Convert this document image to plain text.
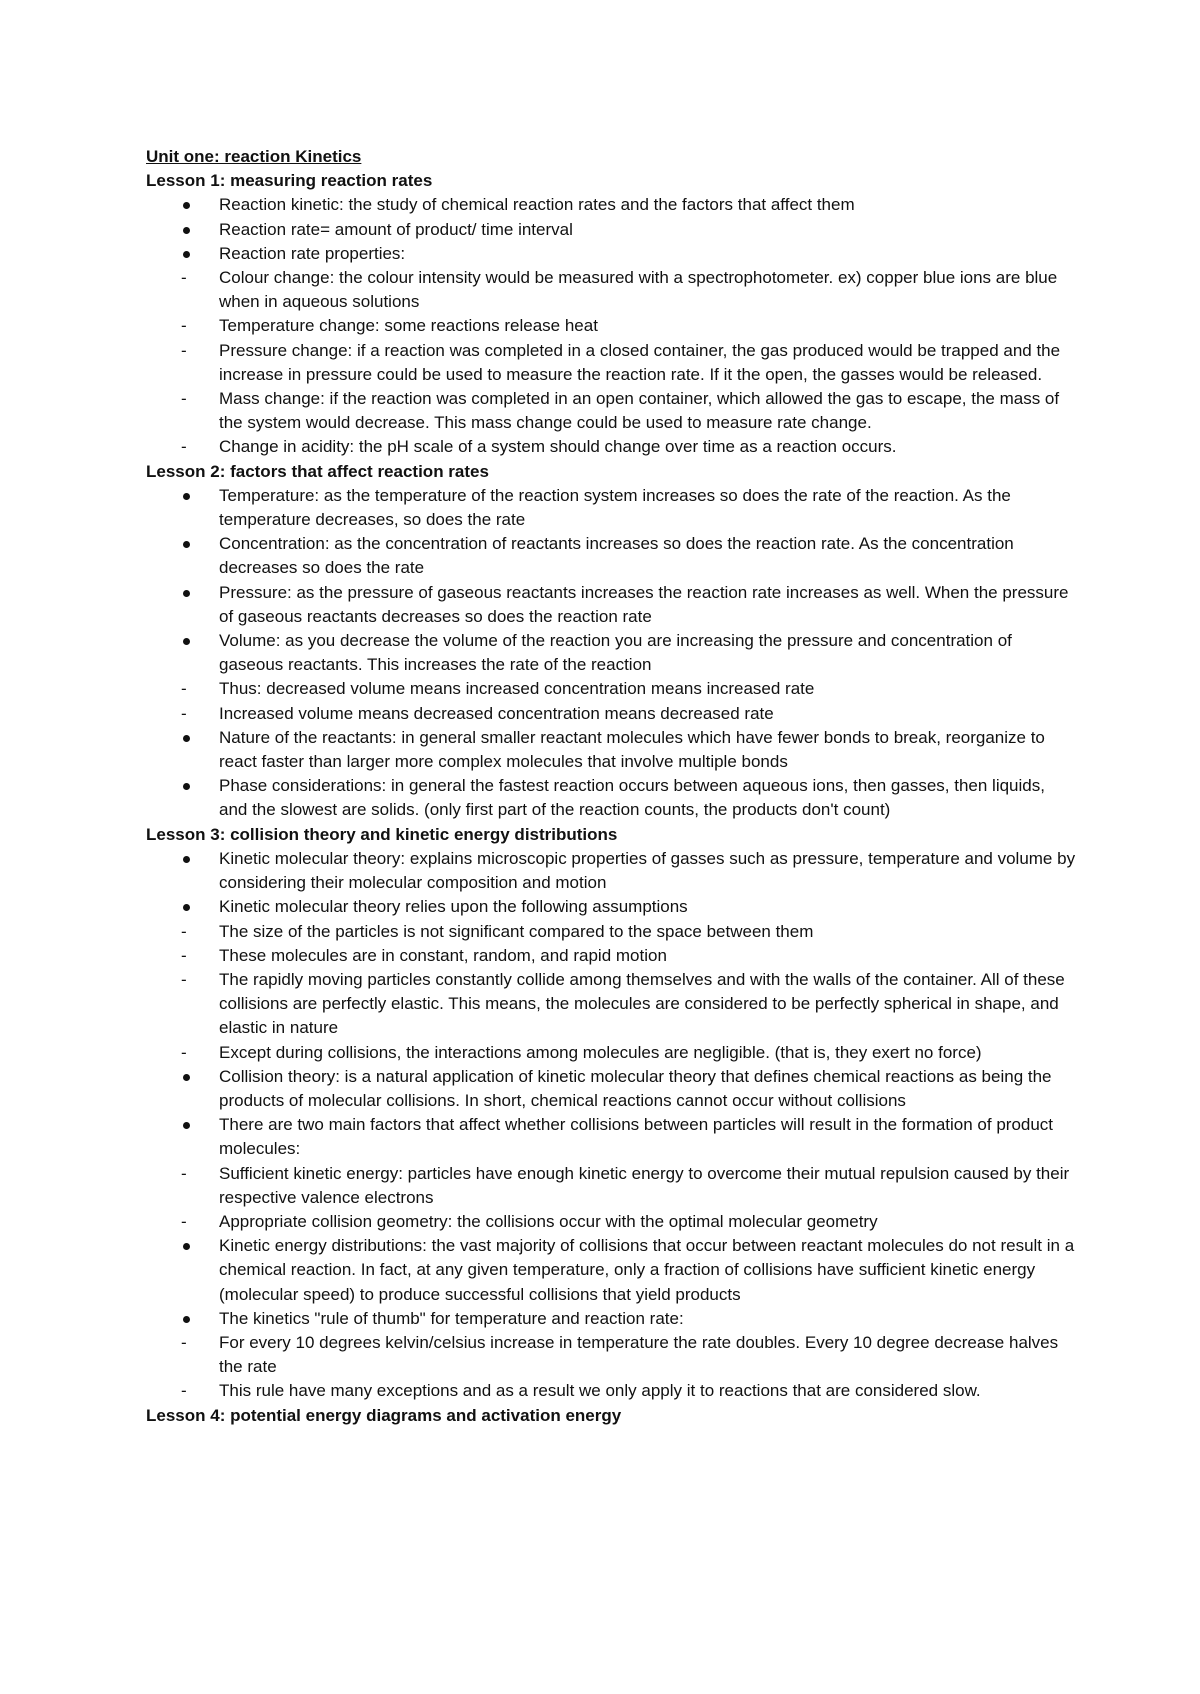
Unit one: reaction Kinetics
Lesson 1: measuring reaction rates
Reaction kinetic: the study of chemical reaction rates and the factors that affect them
Reaction rate= amount of product/ time interval
Reaction rate properties:
- Colour change: the colour intensity would be measured with a spectrophotometer. ex) copper blue ions are blue when in aqueous solutions
- Temperature change: some reactions release heat
- Pressure change: if a reaction was completed in a closed container, the gas produced would be trapped and the increase in pressure could be used to measure the reaction rate. If it the open, the gasses would be released.
- Mass change: if the reaction was completed in an open container, which allowed the gas to escape, the mass of the system would decrease. This mass change could be used to measure rate change.
- Change in acidity: the pH scale of a system should change over time as a reaction occurs.
Lesson 2: factors that affect reaction rates
Temperature: as the temperature of the reaction system increases so does the rate of the reaction. As the temperature decreases, so does the rate
Concentration: as the concentration of reactants increases so does the reaction rate. As the concentration decreases so does the rate
Pressure: as the pressure of gaseous reactants increases the reaction rate increases as well. When the pressure of gaseous reactants decreases so does the reaction rate
Volume: as you decrease the volume of the reaction you are increasing the pressure and concentration of gaseous reactants. This increases the rate of the reaction
- Thus: decreased volume means increased concentration means increased rate
- Increased volume means decreased concentration means decreased rate
Nature of the reactants: in general smaller reactant molecules which have fewer bonds to break, reorganize to react faster than larger more complex molecules that involve multiple bonds
Phase considerations: in general the fastest reaction occurs between aqueous ions, then gasses, then liquids, and the slowest are solids. (only first part of the reaction counts, the products don't count)
Lesson 3: collision theory and kinetic energy distributions
Kinetic molecular theory: explains microscopic properties of gasses such as pressure, temperature and volume by considering their molecular composition and motion
Kinetic molecular theory relies upon the following assumptions
- The size of the particles is not significant compared to the space between them
- These molecules are in constant, random, and rapid motion
- The rapidly moving particles constantly collide among themselves and with the walls of the container. All of these collisions are perfectly elastic. This means, the molecules are considered to be perfectly spherical in shape, and elastic in nature
- Except during collisions, the interactions among molecules are negligible. (that is, they exert no force)
Collision theory: is a natural application of kinetic molecular theory that defines chemical reactions as being the products of molecular collisions. In short, chemical reactions cannot occur without collisions
There are two main factors that affect whether collisions between particles will result in the formation of product molecules:
- Sufficient kinetic energy: particles have enough kinetic energy to overcome their mutual repulsion caused by their respective valence electrons
- Appropriate collision geometry: the collisions occur with the optimal molecular geometry
Kinetic energy distributions: the vast majority of collisions that occur between reactant molecules do not result in a chemical reaction. In fact, at any given temperature, only a fraction of collisions have sufficient kinetic energy (molecular speed) to produce successful collisions that yield products
The kinetics "rule of thumb" for temperature and reaction rate:
- For every 10 degrees kelvin/celsius increase in temperature the rate doubles. Every 10 degree decrease halves the rate
- This rule have many exceptions and as a result we only apply it to reactions that are considered slow.
Lesson 4: potential energy diagrams and activation energy
